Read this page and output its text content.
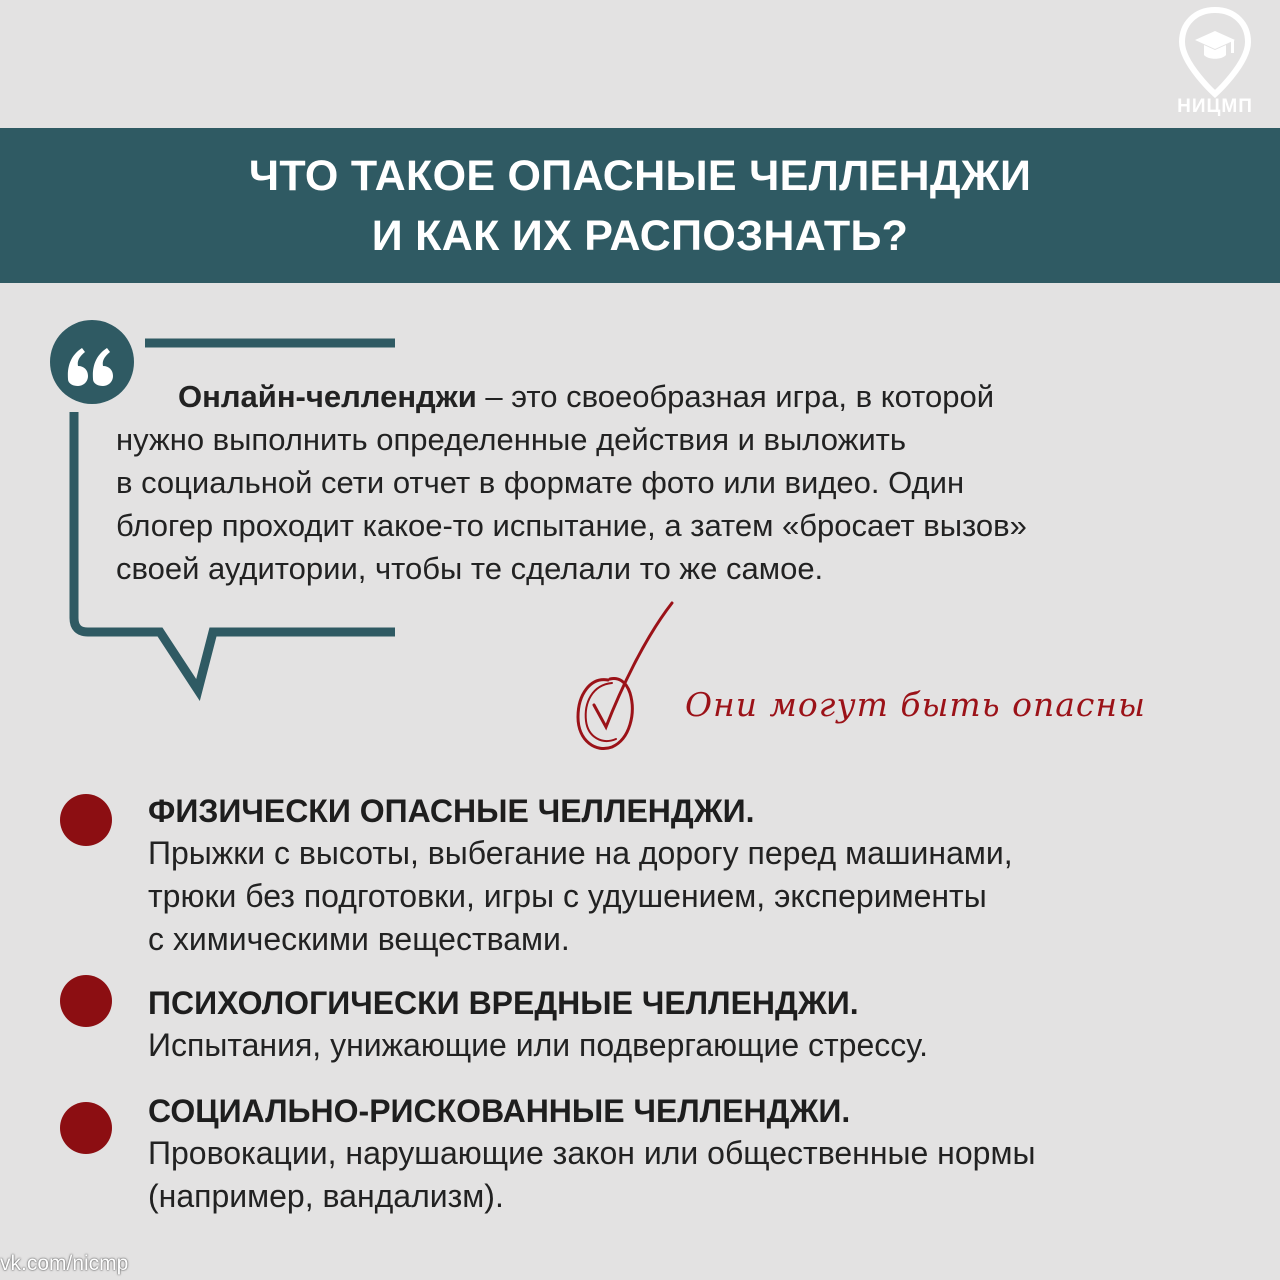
НИЦМП
ЧТО ТАКОЕ ОПАСНЫЕ ЧЕЛЛЕНДЖИ
И КАК ИХ РАСПОЗНАТЬ?
Онлайн-челленджи – это своеобразная игра, в которой
нужно выполнить определенные действия и выложить
в социальной сети отчет в формате фото или видео. Один
блогер проходит какое-то испытание, а затем «бросает вызов»
своей аудитории, чтобы те сделали то же самое.
Они могут быть опасны
ФИЗИЧЕСКИ ОПАСНЫЕ ЧЕЛЛЕНДЖИ.
Прыжки с высоты, выбегание на дорогу перед машинами,
трюки без подготовки, игры с удушением, эксперименты
с химическими веществами.
ПСИХОЛОГИЧЕСКИ ВРЕДНЫЕ ЧЕЛЛЕНДЖИ.
Испытания, унижающие или подвергающие стрессу.
СОЦИАЛЬНО-РИСКОВАННЫЕ ЧЕЛЛЕНДЖИ.
Провокации, нарушающие закон или общественные нормы
(например, вандализм).
vk.com/nicmp
